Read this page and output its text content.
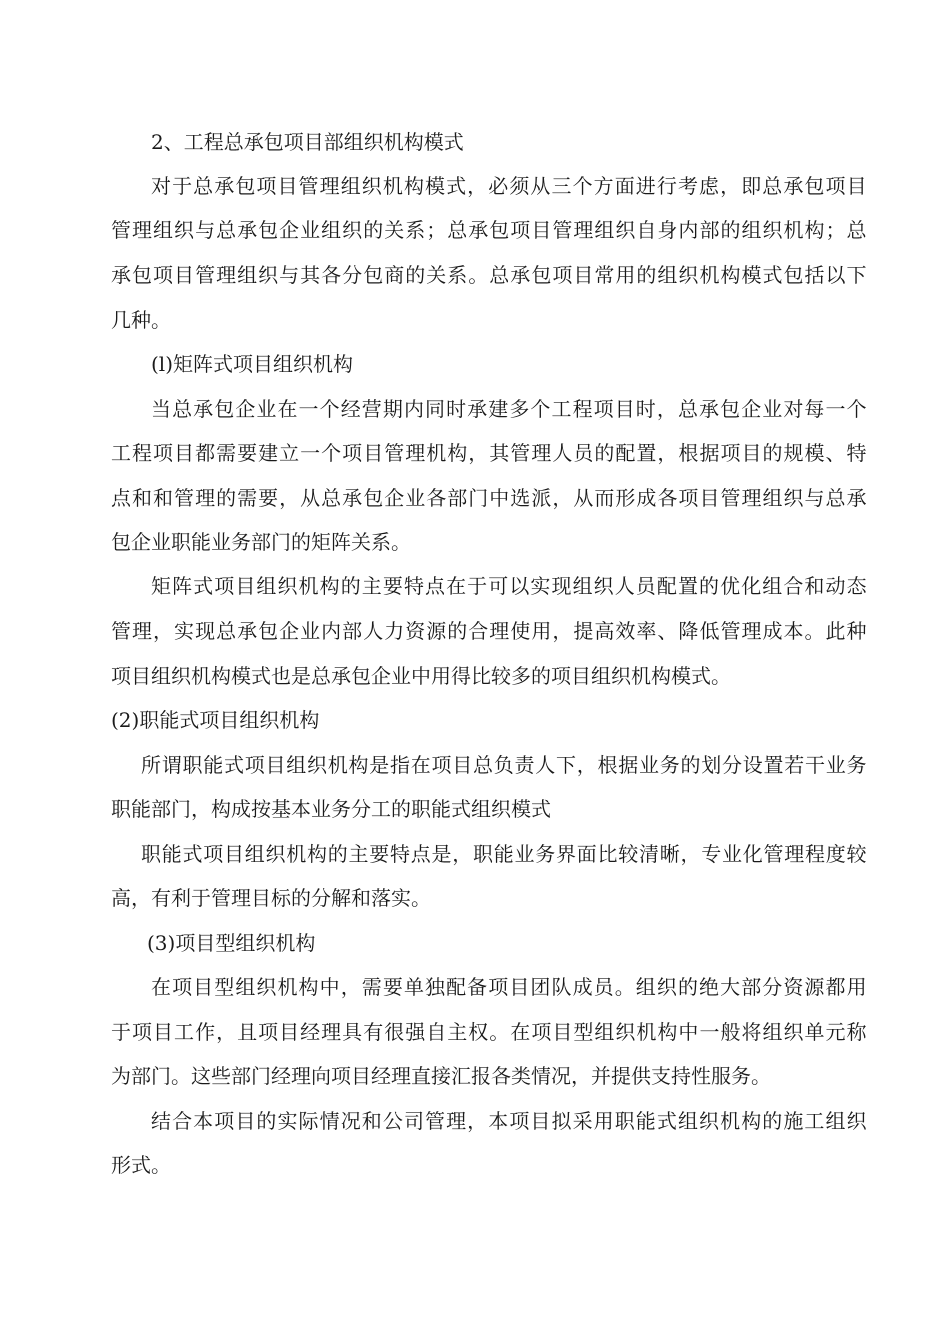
2、工程总承包项目部组织机构模式
对 于 总 承 包 项 目 管 理 组 织 机 构 模 式 ， 必 须 从 三 个 方 面 进 行 考 虑 ， 即 总 承 包 项 目
管 理 组 织 与 总 承 包 企 业 组 织 的 关 系 ； 总 承 包 项 目 管 理 组 织 自 身 内 部 的 组 织 机 构 ； 总
承 包 项 目 管 理 组 织 与 其 各 分 包 商 的 关 系 。 总 承 包 项 目 常 用 的 组 织 机 构 模 式 包 括 以 下
几种。
(l)矩阵式项目组织机构
当 总 承 包 企 业 在 一 个 经 营 期 内 同 时 承 建 多 个 工 程 项 目 时 ， 总 承 包 企 业 对 每 一 个
工 程 项 目 都 需 要 建 立 一 个 项 目 管 理 机 构 ， 其 管 理 人 员 的 配 置 ， 根 据 项 目 的 规 模 、 特
点 和 和 管 理 的 需 要 ， 从 总 承 包 企 业 各 部 门 中 选 派 ， 从 而 形 成 各 项 目 管 理 组 织 与 总 承
包企业职能业务部门的矩阵关系。
矩 阵 式 项 目 组 织 机 构 的 主 要 特 点 在 于 可 以 实 现 组 织 人 员 配 置 的 优 化 组 合 和 动 态
管 理 ， 实 现 总 承 包 企 业 内 部 人 力 资 源 的 合 理 使 用 ， 提 高 效 率 、 降 低 管 理 成 本 。 此 种
项目组织机构模式也是总承包企业中用得比较多的项目组织机构模式。
(2)职能式项目组织机构
所 谓 职 能 式 项 目 组 织 机 构 是 指 在 项 目 总 负 责 人 下 ， 根 据 业 务 的 划 分 设 置 若 干 业 务
职能部门，构成按基本业务分工的职能式组织模式
职 能 式 项 目 组 织 机 构 的 主 要 特 点 是 ， 职 能 业 务 界 面 比 较 清 晰 ， 专 业 化 管 理 程 度 较
高，有利于管理目标的分解和落实。
(3)项目型组织机构
在 项 目 型 组 织 机 构 中 ， 需 要 单 独 配 备 项 目 团 队 成 员 。 组 织 的 绝 大 部 分 资 源 都 用
于 项 目 工 作 ， 且 项 目 经 理 具 有 很 强 自 主 权 。 在 项 目 型 组 织 机 构 中 一 般 将 组 织 单 元 称
为部门。这些部门经理向项目经理直接汇报各类情况，并提供支持性服务。
结 合 本 项 目 的 实 际 情 况 和 公 司 管 理 ， 本 项 目 拟 采 用 职 能 式 组 织 机 构 的 施 工 组 织
形式。
